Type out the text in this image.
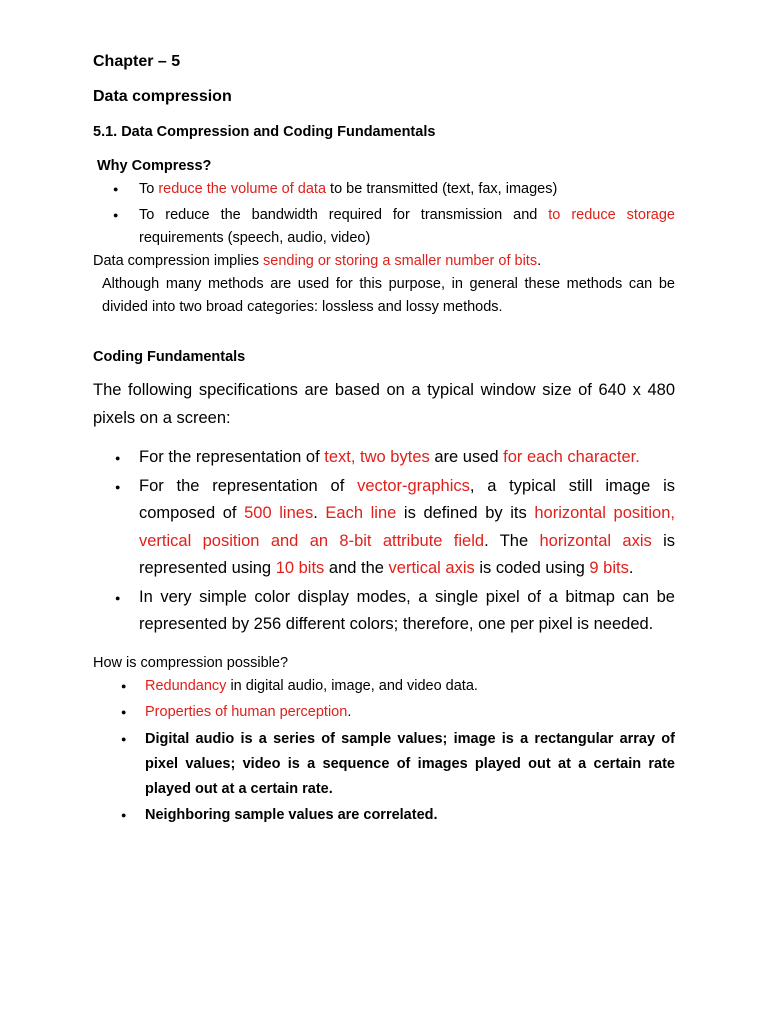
Chapter – 5
Data compression
5.1. Data Compression and Coding Fundamentals
Why Compress?
● To reduce the volume of data to be transmitted (text, fax, images)
● To reduce the bandwidth required for transmission and to reduce storage requirements (speech, audio, video)

Data compression implies sending or storing a smaller number of bits.

Although many methods are used for this purpose, in general these methods can be divided into two broad categories: lossless and lossy methods.

Coding Fundamentals

The following specifications are based on a typical window size of 640 x 480 pixels on a screen:

● For the representation of text, two bytes are used for each character.
● For the representation of vector-graphics, a typical still image is composed of 500 lines. Each line is defined by its horizontal position, vertical position and an 8-bit attribute field. The horizontal axis is represented using 10 bits and the vertical axis is coded using 9 bits.
● In very simple color display modes, a single pixel of a bitmap can be represented by 256 different colors; therefore, one per pixel is needed.

How is compression possible?

● Redundancy in digital audio, image, and video data.
● Properties of human perception.
● Digital audio is a series of sample values; image is a rectangular array of pixel values; video is a sequence of images played out at a certain rate played out at a certain rate.
● Neighboring sample values are correlated.
